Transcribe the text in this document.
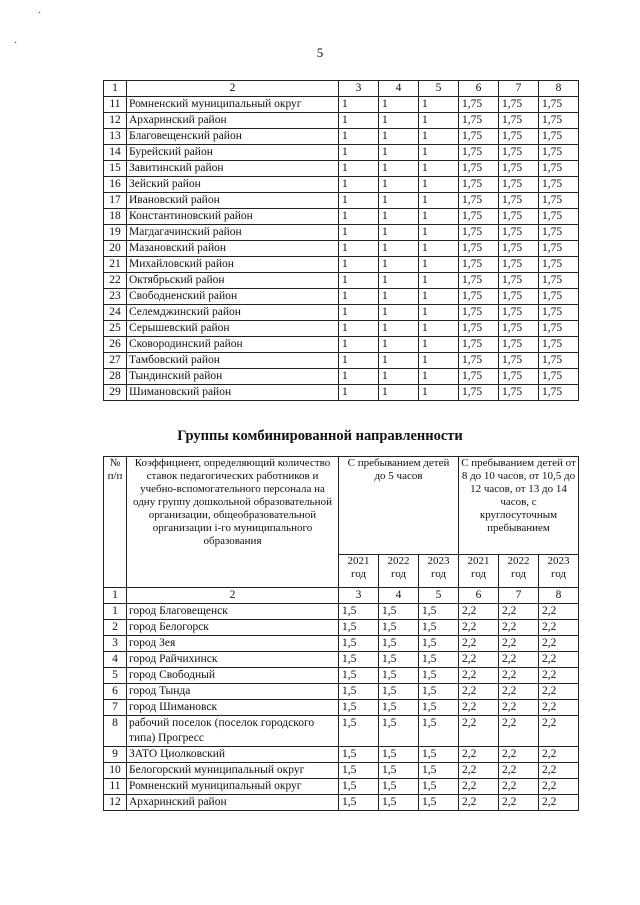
·
·
5
1	2	3	4	5	6	7	8
11	Ромненский муниципальный округ	1	1	1	1,75	1,75	1,75
12	Архаринский район	1	1	1	1,75	1,75	1,75
13	Благовещенский район	1	1	1	1,75	1,75	1,75
14	Бурейский район	1	1	1	1,75	1,75	1,75
15	Завитинский район	1	1	1	1,75	1,75	1,75
16	Зейский район	1	1	1	1,75	1,75	1,75
17	Ивановский район	1	1	1	1,75	1,75	1,75
18	Константиновский район	1	1	1	1,75	1,75	1,75
19	Магдагачинский район	1	1	1	1,75	1,75	1,75
20	Мазановский район	1	1	1	1,75	1,75	1,75
21	Михайловский район	1	1	1	1,75	1,75	1,75
22	Октябрьский район	1	1	1	1,75	1,75	1,75
23	Свободненский район	1	1	1	1,75	1,75	1,75
24	Селемджинский район	1	1	1	1,75	1,75	1,75
25	Серышевский район	1	1	1	1,75	1,75	1,75
26	Сковородинский район	1	1	1	1,75	1,75	1,75
27	Тамбовский район	1	1	1	1,75	1,75	1,75
28	Тындинский район	1	1	1	1,75	1,75	1,75
29	Шимановский район	1	1	1	1,75	1,75	1,75
Группы комбинированной направленности
№ п/п	Коэффициент, определяющий количество ставок педагогических работников и учебно-вспомогательного персонала на одну группу дошкольной образовательной организации, общеобразовательной организации i-го муниципального образования	С пребыванием детей до 5 часов			С пребыванием детей от 8 до 10 часов, от 10,5 до 12 часов, от 13 до 14 часов, с круглосуточным пребыванием		
		2021 год	2022 год	2023 год	2021 год	2022 год	2023 год
1	2	3	4	5	6	7	8
1	город Благовещенск	1,5	1,5	1,5	2,2	2,2	2,2
2	город Белогорск	1,5	1,5	1,5	2,2	2,2	2,2
3	город Зея	1,5	1,5	1,5	2,2	2,2	2,2
4	город Райчихинск	1,5	1,5	1,5	2,2	2,2	2,2
5	город Свободный	1,5	1,5	1,5	2,2	2,2	2,2
6	город Тында	1,5	1,5	1,5	2,2	2,2	2,2
7	город Шимановск	1,5	1,5	1,5	2,2	2,2	2,2
8	рабочий поселок (поселок городского типа) Прогресс	1,5	1,5	1,5	2,2	2,2	2,2
9	ЗАТО Циолковский	1,5	1,5	1,5	2,2	2,2	2,2
10	Белогорский муниципальный округ	1,5	1,5	1,5	2,2	2,2	2,2
11	Ромненский муниципальный округ	1,5	1,5	1,5	2,2	2,2	2,2
12	Архаринский район	1,5	1,5	1,5	2,2	2,2	2,2
